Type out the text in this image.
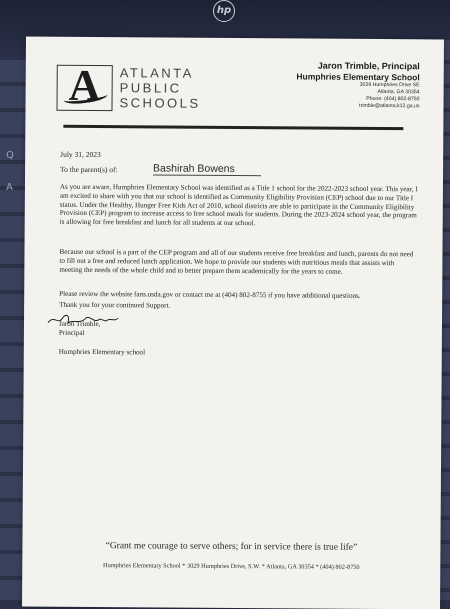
hp
Q
A
A	ATLANTA
PUBLIC
SCHOOLS
Jaron Trimble, Principal
Humphries Elementary School
3029 Humphries Drive SE
Atlanta, GA 30354
Phone: (404) 802-8750
trimble@atlanta.k12.ga.us
July 31, 2023
To the parent(s) of:	Bashirah Bowens
As you are aware, Humphries Elementary School was identified as a Title 1 school for the 2022-2023 school year. This year, I am excited to share with you that our school is identified as Community Eligibility Provision (CEP) school due to our Title I status. Under the Healthy, Hunger Free Kids Act of 2010, school districts are able to participate in the Community Eligibility Provision (CEP) program to increase access to free school meals for students. During the 2023-2024 school year, the program is allowing for free breakfast and lunch for all students at our school.
Because our school is a part of the CEP program and all of our students receive free breakfast and lunch, parents do not need to fill out a free and reduced lunch application. We hope to provide our students with nutritious meals that assists with meeting the needs of the whole child and to better prepare them academically for the years to come.
Please review the website fans.usda.gov or contact me at (404) 802-8755 if you have additional questions.
Thank you for your continued Support.
Jaron Trimble,
Principal
Humphries Elementary school
“Grant me courage to serve others; for in service there is true life”
Humphries Elementary School * 3029 Humphries Drive, S.W. * Atlanta, GA 30354 * (404) 802-8750
